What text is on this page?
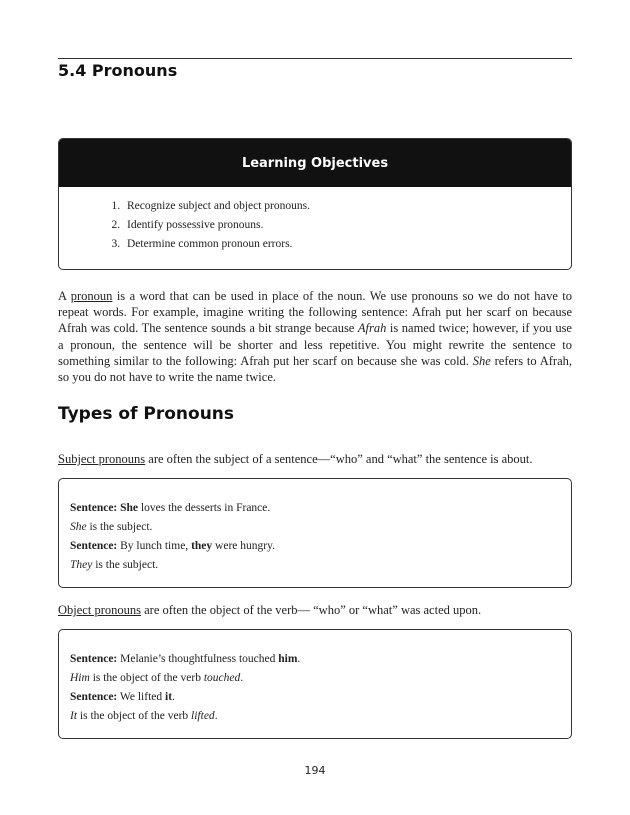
5.4 Pronouns
Learning Objectives
1. Recognize subject and object pronouns.
2. Identify possessive pronouns.
3. Determine common pronoun errors.

A pronoun is a word that can be used in place of the noun. We use pronouns so we do not have to repeat words. For example, imagine writing the following sentence: Afrah put her scarf on because Afrah was cold. The sentence sounds a bit strange because Afrah is named twice; however, if you use a pronoun, the sentence will be shorter and less repetitive. You might rewrite the sentence to something similar to the following: Afrah put her scarf on because she was cold. She refers to Afrah, so you do not have to write the name twice.

Types of Pronouns

Subject pronouns are often the subject of a sentence—“who” and “what” the sentence is about.

Sentence: She loves the desserts in France.

She is the subject.

Sentence: By lunch time, they were hungry.

They is the subject.

Object pronouns are often the object of the verb— “who” or “what” was acted upon.

Sentence: Melanie’s thoughtfulness touched him.

Him is the object of the verb touched.

Sentence: We lifted it.

It is the object of the verb lifted.

194
